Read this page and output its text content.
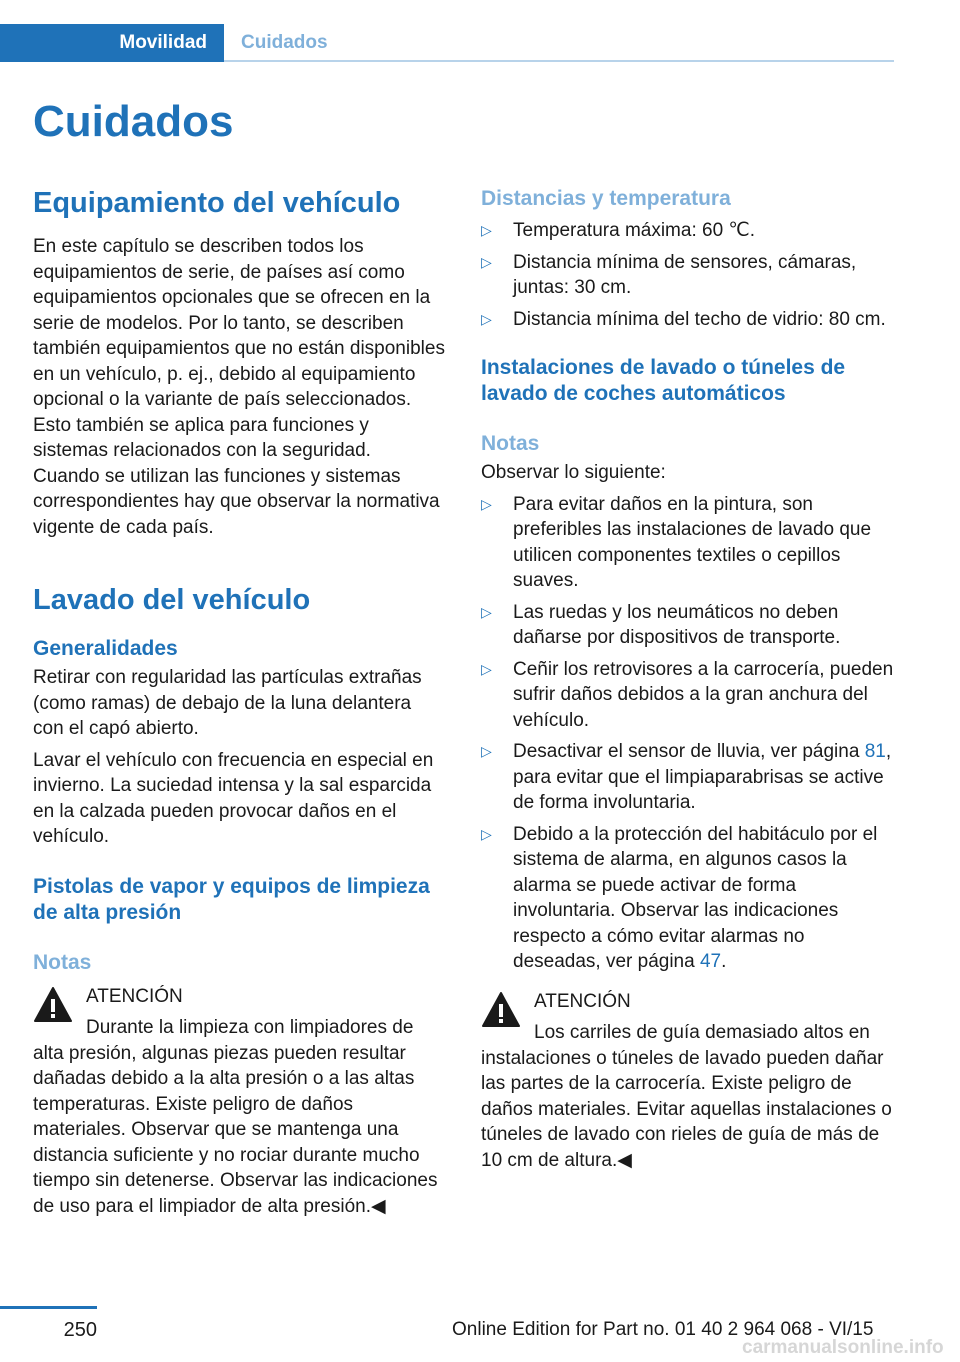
Movilidad	Cuidados
Cuidados
Equipamiento del vehículo

En este capítulo se describen todos los equipamientos de serie, de países así como equipamientos opcionales que se ofrecen en la serie de modelos. Por lo tanto, se describen también equipamientos que no están disponibles en un vehículo, p. ej., debido al equipamiento opcional o la variante de país seleccionados. Esto también se aplica para funciones y sistemas relacionados con la seguridad.

Cuando se utilizan las funciones y sistemas correspondientes hay que observar la normativa vigente de cada país.

Lavado del vehículo
Generalidades

Retirar con regularidad las partículas extrañas (como ramas) de debajo de la luna delantera con el capó abierto.

Lavar el vehículo con frecuencia en especial en invierno. La suciedad intensa y la sal esparcida en la calzada pueden provocar daños en el vehículo.

Pistolas de vapor y equipos de limpieza de alta presión
Notas

ATENCIÓN

Durante la limpieza con limpiadores de alta presión, algunas piezas pueden resultar dañadas debido a la alta presión o a las altas temperaturas. Existe peligro de daños materiales. Observar que se mantenga una distancia suficiente y no rociar durante mucho tiempo sin detenerse. Observar las indicaciones de uso para el limpiador de alta presión.◀

Distancias y temperatura
▷ Temperatura máxima: 60 ℃.
▷ Distancia mínima de sensores, cámaras, juntas: 30 cm.
▷ Distancia mínima del techo de vidrio: 80 cm.
Instalaciones de lavado o túneles de lavado de coches automáticos
Notas

Observar lo siguiente:

▷ Para evitar daños en la pintura, son preferibles las instalaciones de lavado que utilicen componentes textiles o cepillos suaves.
▷ Las ruedas y los neumáticos no deben dañarse por dispositivos de transporte.
▷ Ceñir los retrovisores a la carrocería, pueden sufrir daños debidos a la gran anchura del vehículo.
▷ Desactivar el sensor de lluvia, ver página 81, para evitar que el limpiaparabrisas se active de forma involuntaria.
▷ Debido a la protección del habitáculo por el sistema de alarma, en algunos casos la alarma se puede activar de forma involuntaria. Observar las indicaciones respecto a cómo evitar alarmas no deseadas, ver página 47.

ATENCIÓN

Los carriles de guía demasiado altos en instalaciones o túneles de lavado pueden dañar las partes de la carrocería. Existe peligro de daños materiales. Evitar aquellas instalaciones o túneles de lavado con rieles de guía de más de 10 cm de altura.◀

250	Online Edition for Part no. 01 40 2 964 068 - VI/15
carmanualsonline.info
